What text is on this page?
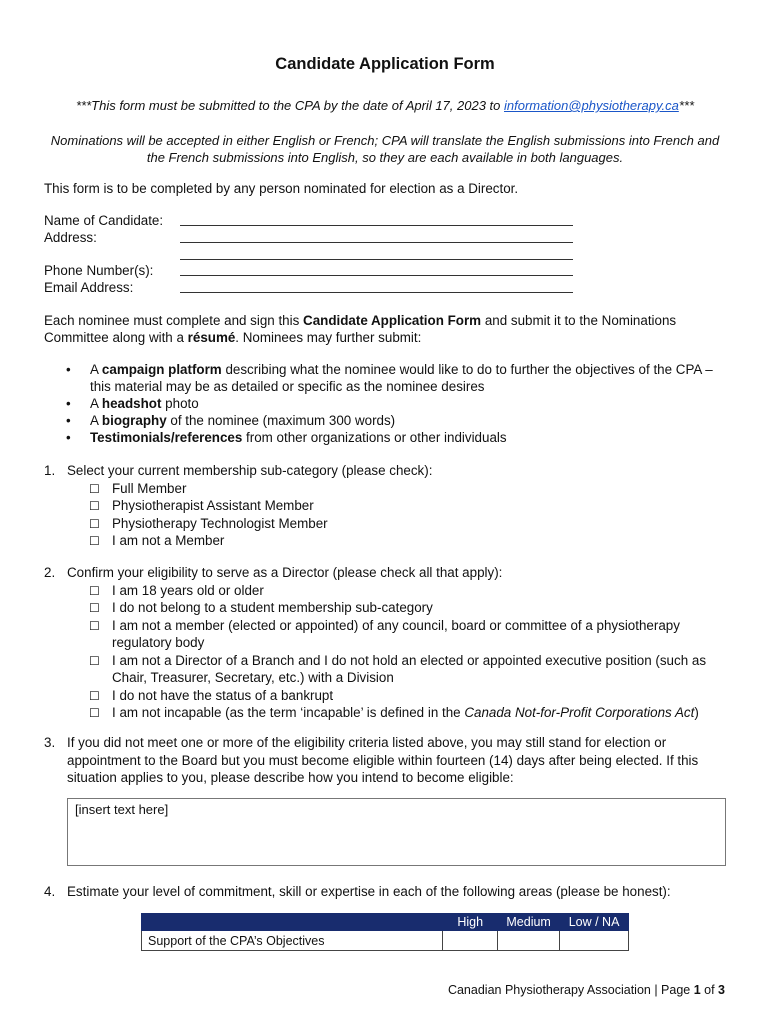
Candidate Application Form
***This form must be submitted to the CPA by the date of April 17, 2023 to information@physiotherapy.ca***
Nominations will be accepted in either English or French; CPA will translate the English submissions into French and the French submissions into English, so they are each available in both languages.
This form is to be completed by any person nominated for election as a Director.
Name of Candidate:
Address:
Phone Number(s):
Email Address:
Each nominee must complete and sign this Candidate Application Form and submit it to the Nominations Committee along with a résumé. Nominees may further submit:
• A campaign platform describing what the nominee would like to do to further the objectives of the CPA – this material may be as detailed or specific as the nominee desires
• A headshot photo
• A biography of the nominee (maximum 300 words)
• Testimonials/references from other organizations or other individuals
1. Select your current membership sub-category (please check):
☐ Full Member
☐ Physiotherapist Assistant Member
☐ Physiotherapy Technologist Member
☐ I am not a Member
2. Confirm your eligibility to serve as a Director (please check all that apply):
☐ I am 18 years old or older
☐ I do not belong to a student membership sub-category
☐ I am not a member (elected or appointed) of any council, board or committee of a physiotherapy regulatory body
☐ I am not a Director of a Branch and I do not hold an elected or appointed executive position (such as Chair, Treasurer, Secretary, etc.) with a Division
☐ I do not have the status of a bankrupt
☐ I am not incapable (as the term ‘incapable’ is defined in the Canada Not-for-Profit Corporations Act)
3. If you did not meet one or more of the eligibility criteria listed above, you may still stand for election or appointment to the Board but you must become eligible within fourteen (14) days after being elected. If this situation applies to you, please describe how you intend to become eligible:
[insert text here]
4. Estimate your level of commitment, skill or expertise in each of the following areas (please be honest):
	High	Medium	Low / NA
Support of the CPA’s Objectives			
Canadian Physiotherapy Association | Page 1 of 3
